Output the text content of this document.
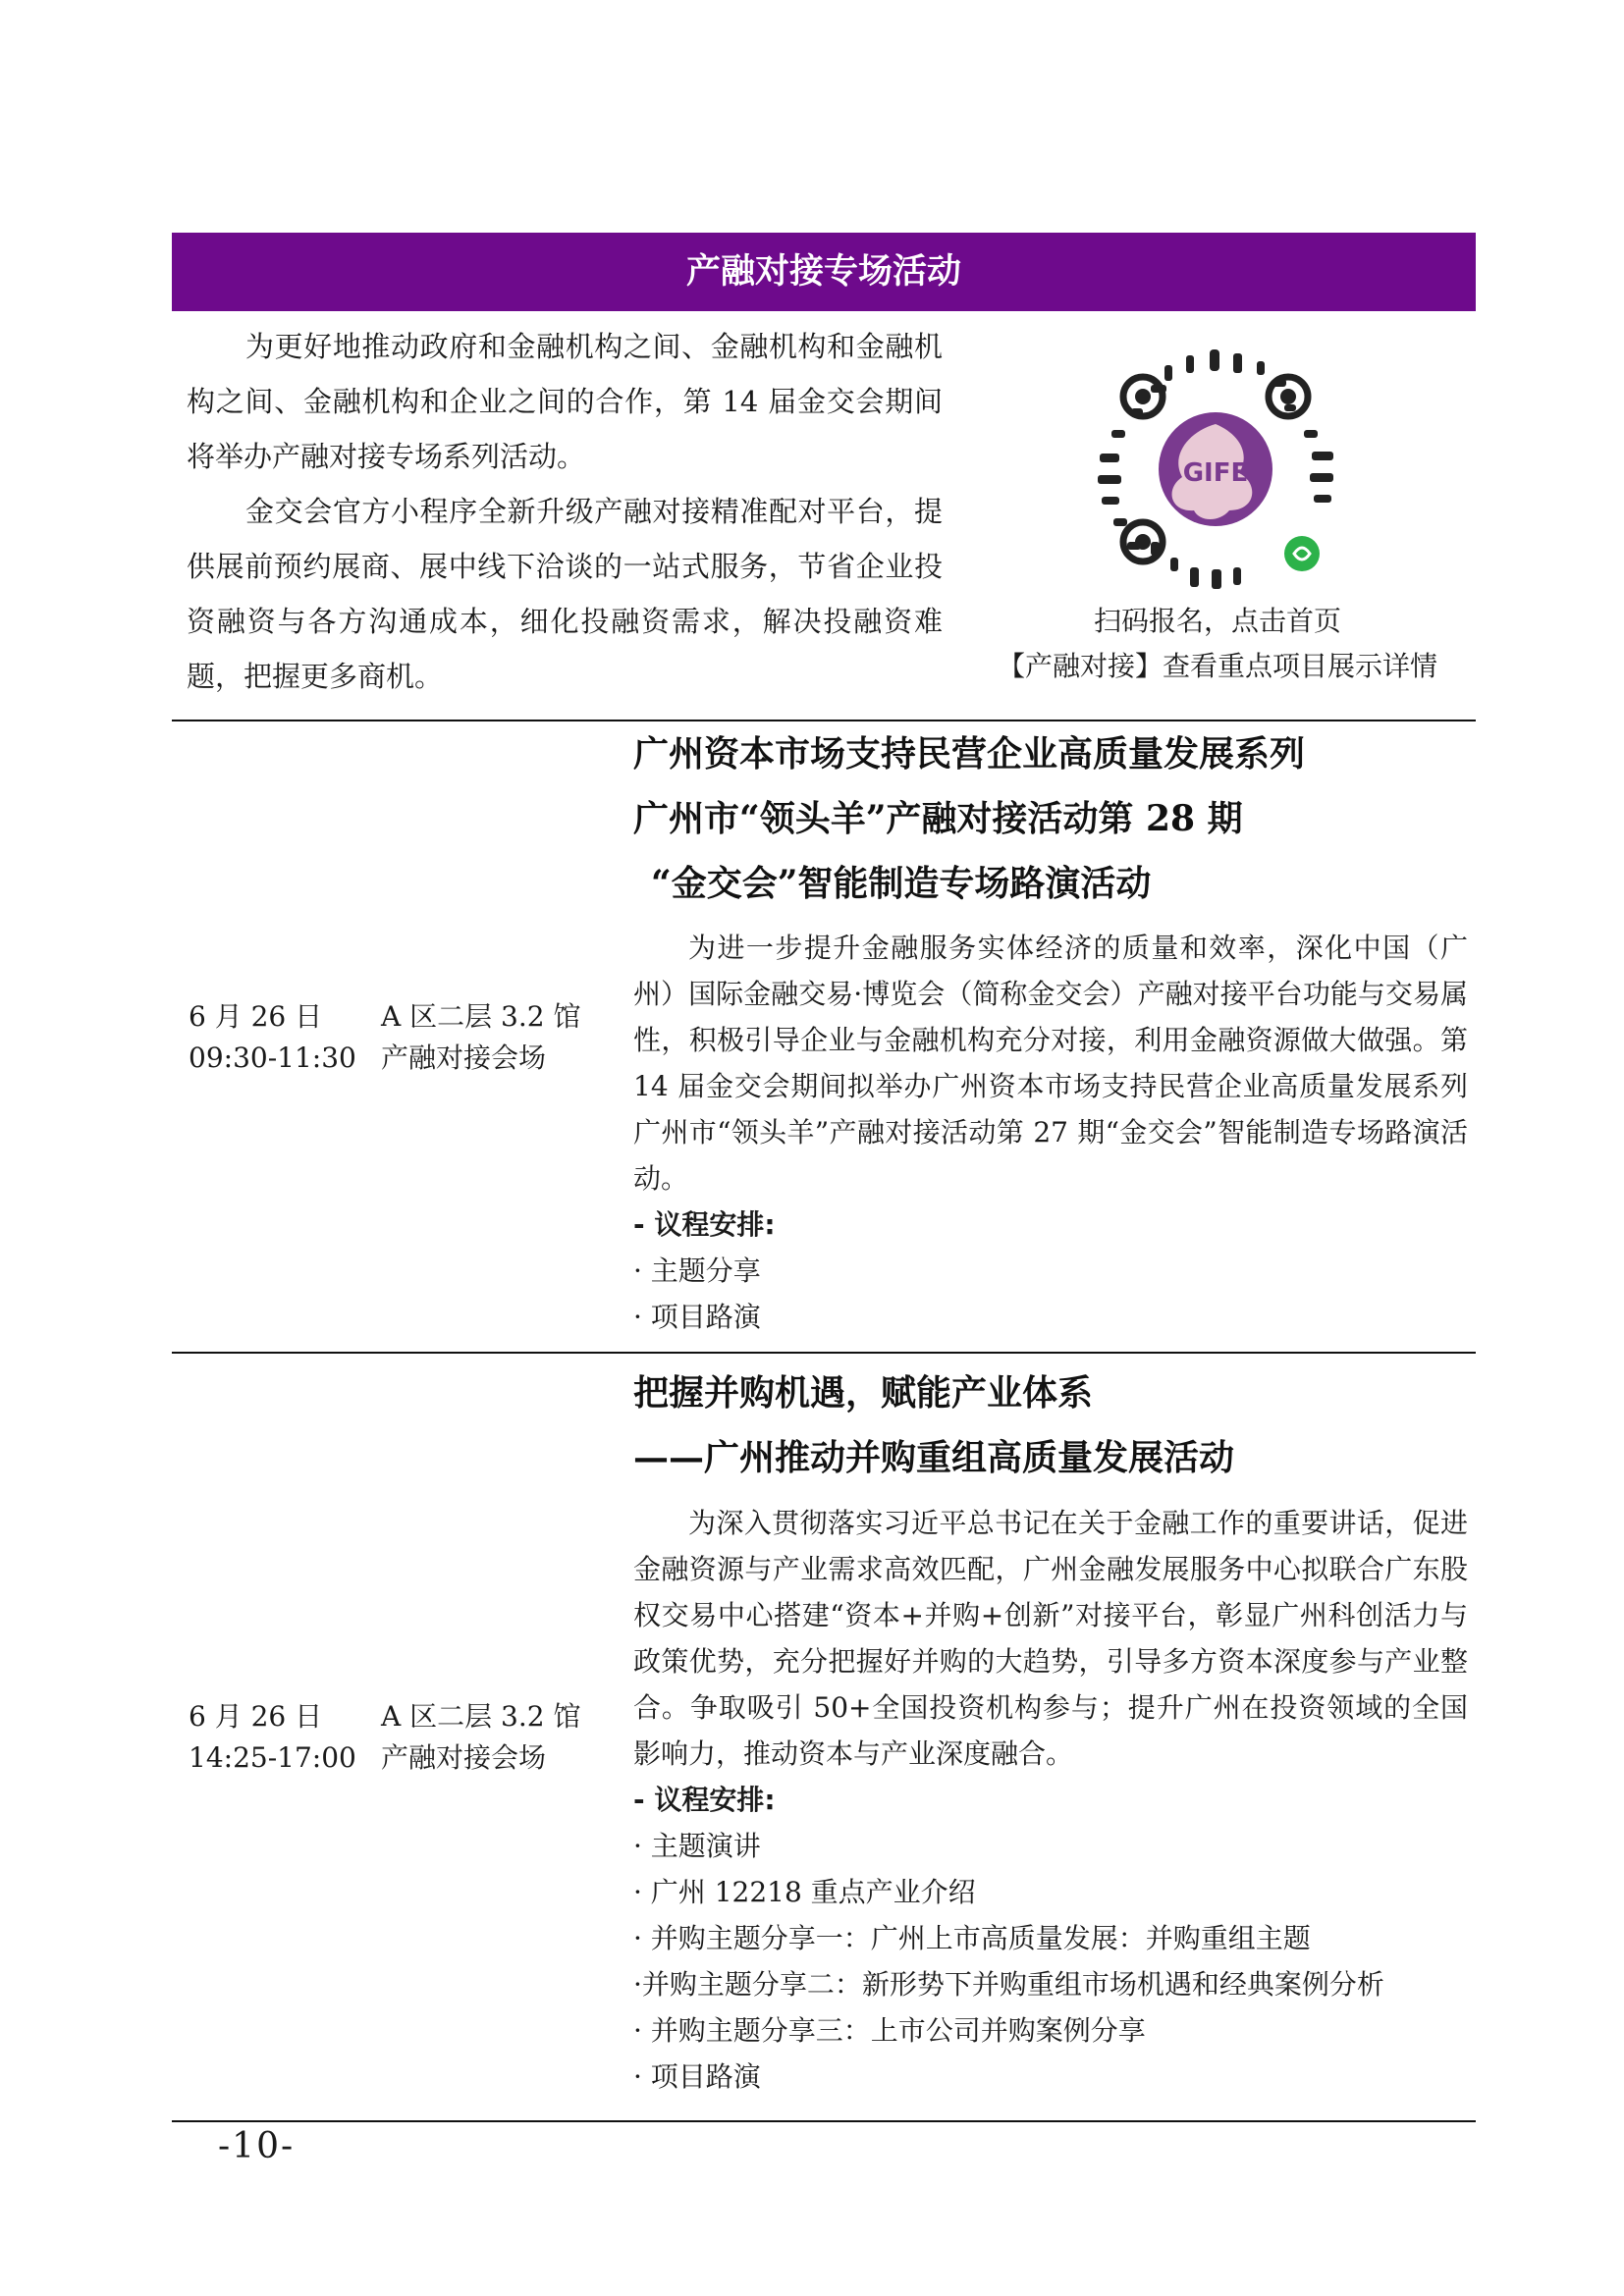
产融对接专场活动

为更好地推动政府和金融机构之间、金融机构和金融机构之间、金融机构和企业之间的合作，第 14 届金交会期间将举办产融对接专场系列活动。

金交会官方小程序全新升级产融对接精准配对平台，提供展前预约展商、展中线下洽谈的一站式服务，节省企业投资融资与各方沟通成本，细化投融资需求，解决投融资难题，把握更多商机。

GIFE
扫码报名，点击首页
【产融对接】查看重点项目展示详情
6 月 26 日
09:30-11:30
A 区二层 3.2 馆
产融对接会场
广州资本市场支持民营企业高质量发展系列
广州市“领头羊”产融对接活动第 28 期
“金交会”智能制造专场路演活动

为进一步提升金融服务实体经济的质量和效率，深化中国（广州）国际金融交易·博览会（简称金交会）产融对接平台功能与交易属性，积极引导企业与金融机构充分对接，利用金融资源做大做强。第 14 届金交会期间拟举办广州资本市场支持民营企业高质量发展系列广州市“领头羊”产融对接活动第 27 期“金交会”智能制造专场路演活动。

- 议程安排:
· 主题分享
· 项目路演
6 月 26 日
14:25-17:00
A 区二层 3.2 馆
产融对接会场
把握并购机遇，赋能产业体系
——广州推动并购重组高质量发展活动

为深入贯彻落实习近平总书记在关于金融工作的重要讲话，促进金融资源与产业需求高效匹配，广州金融发展服务中心拟联合广东股权交易中心搭建“资本+并购+创新”对接平台，彰显广州科创活力与政策优势，充分把握好并购的大趋势，引导多方资本深度参与产业整合。争取吸引 50+全国投资机构参与；提升广州在投资领域的全国影响力，推动资本与产业深度融合。

- 议程安排:
· 主题演讲
· 广州 12218 重点产业介绍
· 并购主题分享一：广州上市高质量发展：并购重组主题
·并购主题分享二：新形势下并购重组市场机遇和经典案例分析
· 并购主题分享三：上市公司并购案例分享
· 项目路演
-10-
